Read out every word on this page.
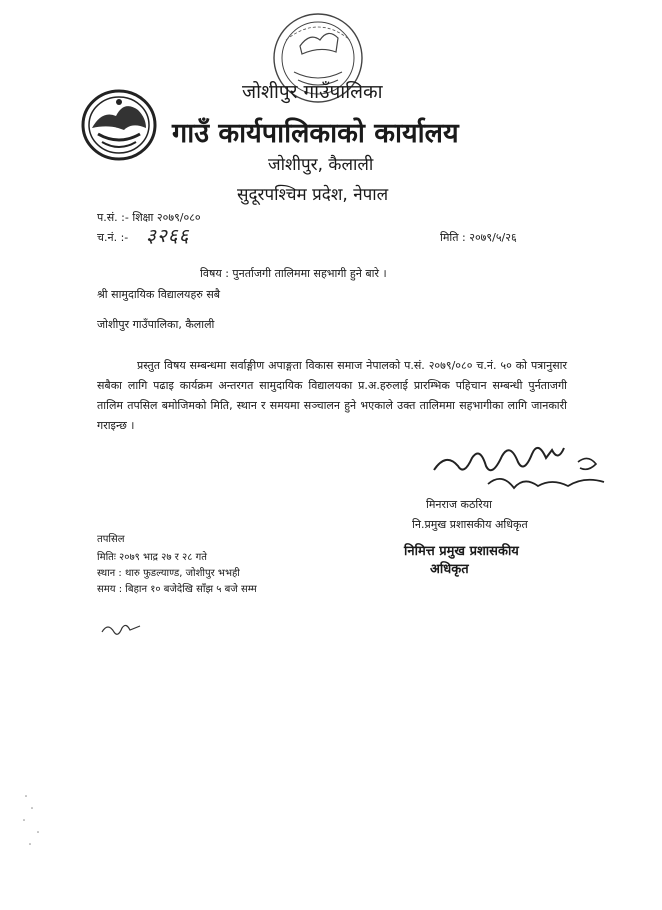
जोशीपुर गाउँपालिका
गाउँ कार्यपालिकाको कार्यालय
जोशीपुर, कैलाली
सुदूरपश्चिम प्रदेश, नेपाल
प.सं. :- शिक्षा २०७९/०८०
च.नं. :- ३२६६	मिति : २०७९/५/२६
विषय : पुनर्ताजगी तालिममा सहभागी हुने बारे ।
श्री सामुदायिक विद्यालयहरु सबै
जोशीपुर गाउँपालिका, कैलाली
प्रस्तुत विषय सम्बन्धमा सर्वाङ्गीण अपाङ्गता विकास समाज नेपालको प.सं. २०७९/०८० च.नं. ५० को पत्रानुसार सबैका लागि पढाइ कार्यक्रम अन्तरगत सामुदायिक विद्यालयका प्र.अ.हरुलाई प्रारम्भिक पहिचान सम्बन्धी पुर्नताजगी तालिम तपसिल बमोजिमको मिति, स्थान र समयमा सञ्चालन हुने भएकाले उक्त तालिममा सहभागीका लागि जानकारी गराइन्छ ।
मिनराज कठरिया
नि.प्रमुख प्रशासकीय अधिकृत
निमित्त प्रमुख प्रशासकीय
अधिकृत
तपसिल
मितिः २०७९ भाद्र २७ र २८ गते
स्थान : थारु फुडल्याण्ड, जोशीपुर भभही
समय : बिहान १० बजेदेखि साँझ ५ बजे सम्म
